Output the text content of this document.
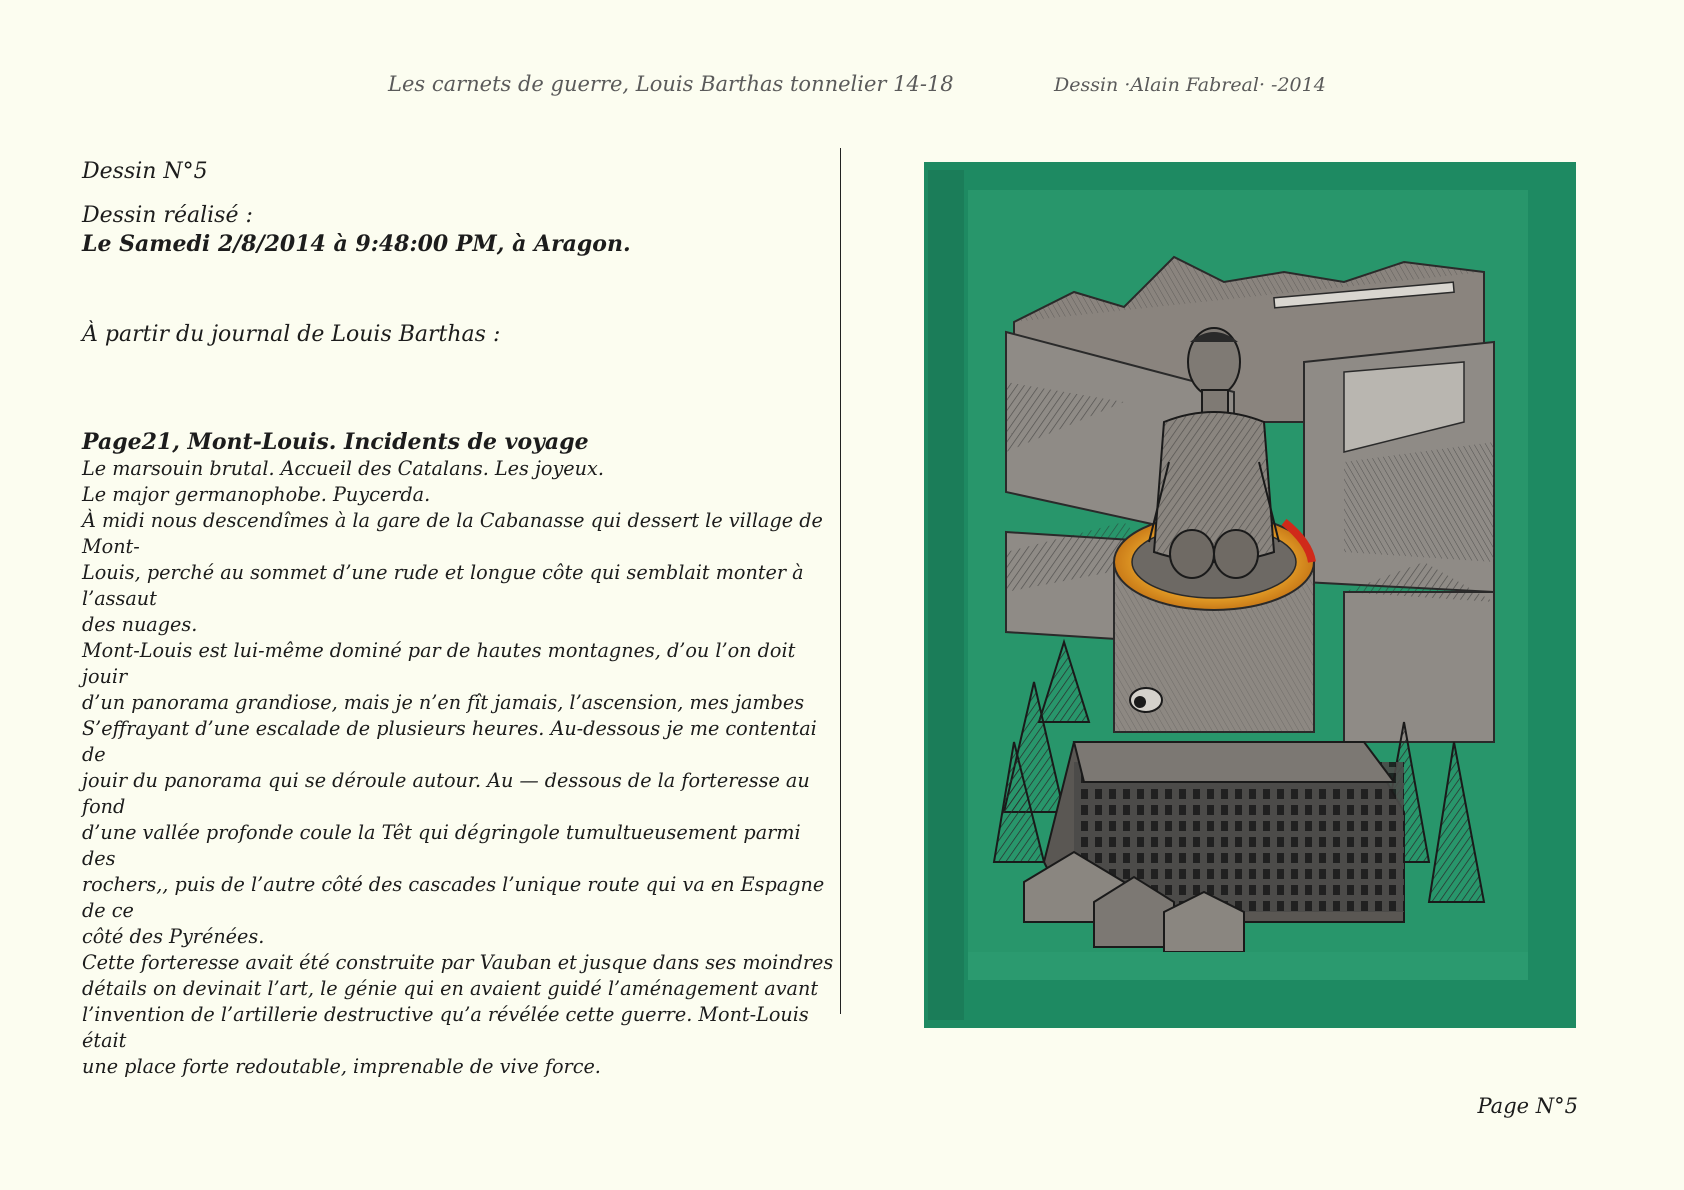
Les carnets de guerre, Louis Barthas tonnelier 14-18	Dessin ·Alain Fabreal· -2014

Dessin N°5

Dessin réalisé :

Le Samedi 2/8/2014 à 9:48:00 PM, à Aragon.

À partir du journal de Louis Barthas :

Page21, Mont-Louis. Incidents de voyage

Le marsouin brutal. Accueil des Catalans. Les joyeux.

Le major germanophobe. Puycerda.

À midi nous descendîmes à la gare de la Cabanasse qui dessert le village de Mont-

Louis, perché au sommet d’une rude et longue côte qui semblait monter à l’assaut

des nuages.

Mont-Louis est lui-même dominé par de hautes montagnes, d’ou l’on doit jouir

d’un panorama grandiose, mais je n’en fît jamais, l’ascension, mes jambes

S’effrayant d’une escalade de plusieurs heures. Au-dessous je me contentai de

jouir du panorama qui se déroule autour. Au — dessous de la forteresse au fond

d’une vallée profonde coule la Têt qui dégringole tumultueusement parmi des

rochers,, puis de l’autre côté des cascades l’unique route qui va en Espagne de ce

côté des Pyrénées.

Cette forteresse avait été construite par Vauban et jusque dans ses moindres

détails on devinait l’art, le génie qui en avaient guidé l’aménagement avant

l’invention de l’artillerie destructive qu’a révélée cette guerre. Mont-Louis était

une place forte redoutable, imprenable de vive force.

Page N°5
